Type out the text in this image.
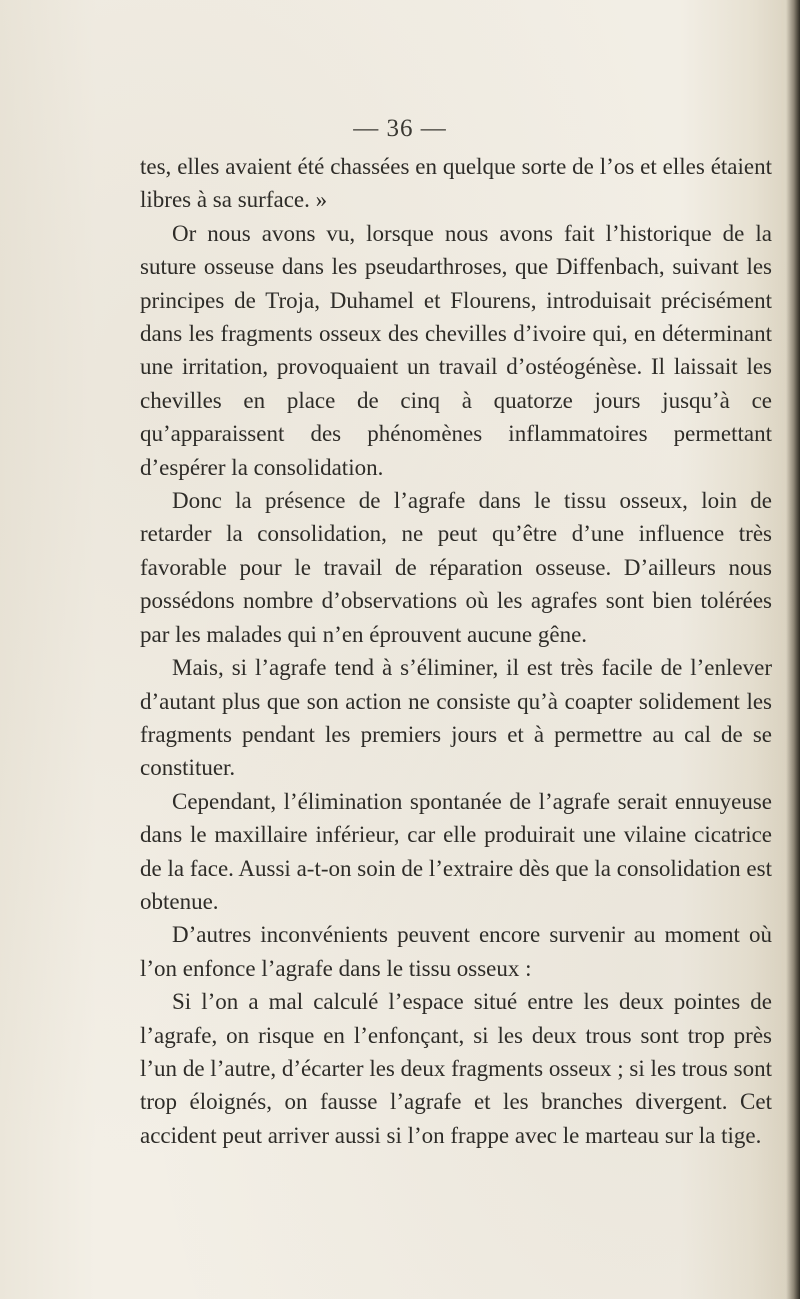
— 36 —

tes, elles avaient été chassées en quelque sorte de l’os et elles étaient libres à sa surface. »

Or nous avons vu, lorsque nous avons fait l’historique de la suture osseuse dans les pseudarthroses, que Diffenbach, suivant les principes de Troja, Duhamel et Flourens, introduisait précisément dans les fragments osseux des chevilles d’ivoire qui, en déterminant une irritation, provoquaient un travail d’ostéogénèse. Il laissait les chevilles en place de cinq à quatorze jours jusqu’à ce qu’apparaissent des phénomènes inflammatoires permettant d’espérer la consolidation.

Donc la présence de l’agrafe dans le tissu osseux, loin de retarder la consolidation, ne peut qu’être d’une influence très favorable pour le travail de réparation osseuse. D’ailleurs nous possédons nombre d’observations où les agrafes sont bien tolérées par les malades qui n’en éprouvent aucune gêne.

Mais, si l’agrafe tend à s’éliminer, il est très facile de l’enlever d’autant plus que son action ne consiste qu’à coapter solidement les fragments pendant les premiers jours et à permettre au cal de se constituer.

Cependant, l’élimination spontanée de l’agrafe serait ennuyeuse dans le maxillaire inférieur, car elle produirait une vilaine cicatrice de la face. Aussi a-t-on soin de l’extraire dès que la consolidation est obtenue.

D’autres inconvénients peuvent encore survenir au moment où l’on enfonce l’agrafe dans le tissu osseux :

Si l’on a mal calculé l’espace situé entre les deux pointes de l’agrafe, on risque en l’enfonçant, si les deux trous sont trop près l’un de l’autre, d’écarter les deux fragments osseux ; si les trous sont trop éloignés, on fausse l’agrafe et les branches divergent. Cet accident peut arriver aussi si l’on frappe avec le marteau sur la tige.
